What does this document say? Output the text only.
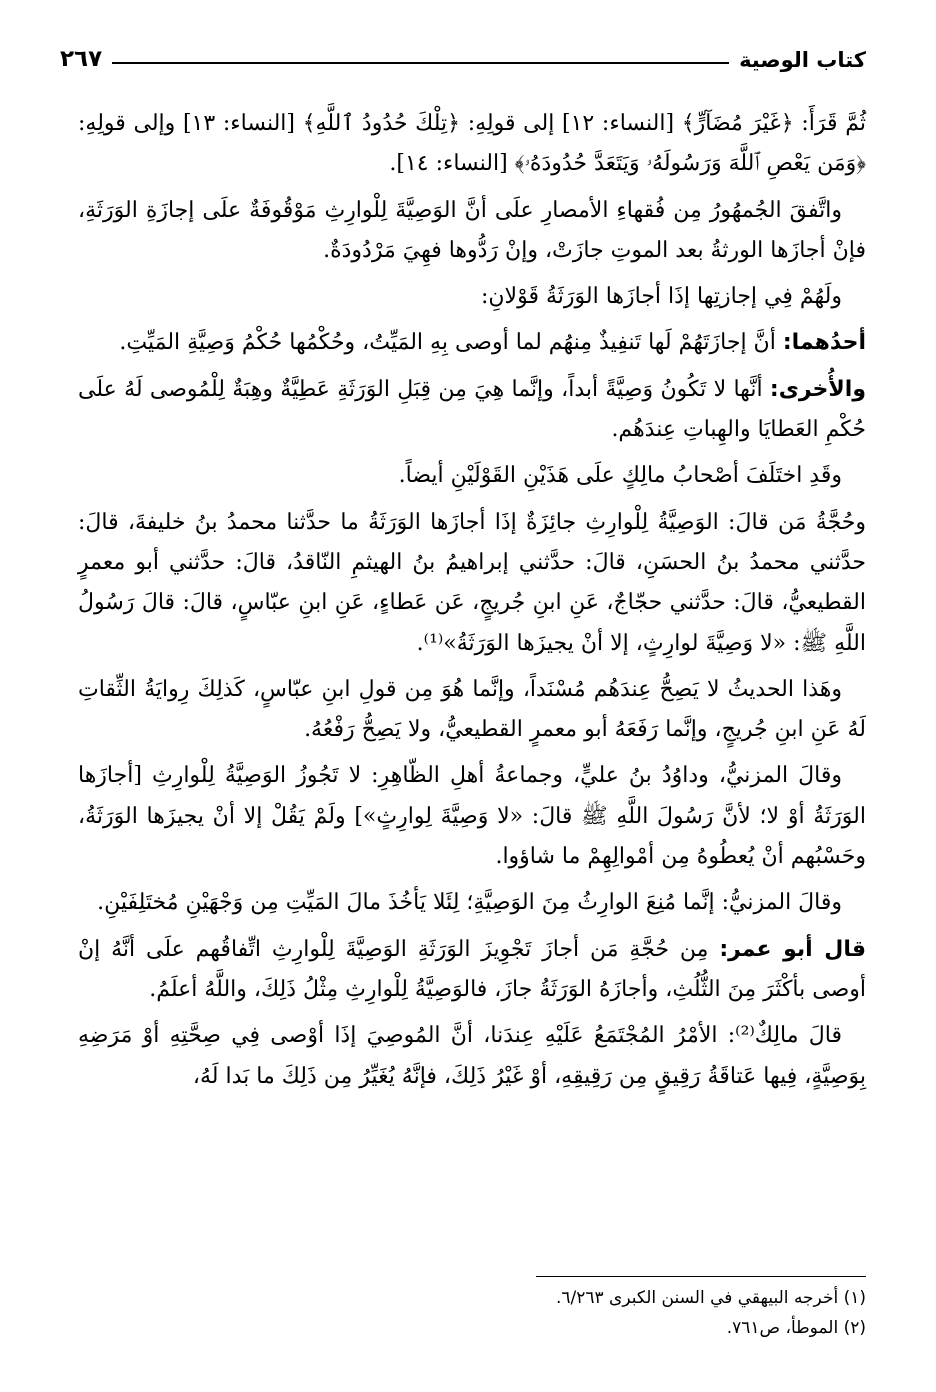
كتاب الوصية
٢٦٧

ثُمَّ قَرَأَ: ﴿غَيْرَ مُضَآرٍّ﴾ [النساء: ١٢] إلى قولِهِ: ﴿تِلْكَ حُدُودُ ٱللَّهِ﴾ [النساء: ١٣] وإلى قولِهِ: ﴿وَمَن يَعْصِ ٱللَّهَ وَرَسُولَهُۥ وَيَتَعَدَّ حُدُودَهُۥ﴾ [النساء: ١٤].

واتَّفقَ الجُمهُورُ مِن فُقهاءِ الأمصارِ علَى أنَّ الوَصِيَّةَ لِلْوارِثِ مَوْقُوفَةٌ علَى إجازَةِ الوَرَثَةِ، فإنْ أجازَها الورثةُ بعد الموتِ جازَتْ، وإنْ رَدُّوها فهِيَ مَرْدُودَةٌ.

ولَهُمْ فِي إجازتِها إذَا أجازَها الوَرَثَةُ قَوْلانِ:

أحدُهما: أنَّ إجازَتَهُمْ لَها تَنفِيذٌ مِنهُم لما أوصى بِهِ المَيِّتُ، وحُكْمُها حُكْمُ وَصِيَّةِ المَيِّتِ.

والأُخرى: أنَّها لا تَكُونُ وَصِيَّةً أبداً، وإنَّما هِيَ مِن قِبَلِ الوَرَثَةِ عَطِيَّةٌ وهِبَةٌ لِلْمُوصى لَهُ علَى حُكْمِ العَطايَا والهِباتِ عِندَهُم.

وقَدِ اختَلَفَ أصْحابُ مالِكٍ علَى هَذَيْنِ القَوْلَيْنِ أيضاً.

وحُجَّةُ مَن قالَ: الوَصِيَّةُ لِلْوارِثِ جائِزَةٌ إذَا أجازَها الوَرَثَةُ ما حدَّثنا محمدُ بنُ خليفةَ، قالَ: حدَّثني محمدُ بنُ الحسَنِ، قالَ: حدَّثني إبراهيمُ بنُ الهيثمِ النّاقدُ، قالَ: حدَّثني أبو معمرٍ القطيعيُّ، قالَ: حدَّثني حجّاجٌ، عَنِ ابنِ جُريجٍ، عَن عَطاءٍ، عَنِ ابنِ عبّاسٍ، قالَ: قالَ رَسُولُ اللَّهِ ﷺ: «لا وَصِيَّةَ لوارِثٍ، إلا أنْ يجيزَها الوَرَثَةُ»⁽¹⁾.

وهَذا الحديثُ لا يَصِحُّ عِندَهُم مُسْنَداً، وإنَّما هُوَ مِن قولِ ابنِ عبّاسٍ، كَذلِكَ رِوايَةُ الثِّقاتِ لَهُ عَنِ ابنِ جُريجٍ، وإنَّما رَفَعَهُ أبو معمرٍ القطيعيُّ، ولا يَصِحُّ رَفْعُهُ.

وقالَ المزنيُّ، وداوُدُ بنُ عليٍّ، وجماعةُ أهلِ الظّاهِرِ: لا تَجُوزُ الوَصِيَّةُ لِلْوارِثِ [أجازَها الوَرَثَةُ أوْ لا؛ لأنَّ رَسُولَ اللَّهِ ﷺ قالَ: «لا وَصِيَّةَ لِوارِثٍ»] ولَمْ يَقُلْ إلا أنْ يجيزَها الوَرَثَةُ، وحَسْبُهم أنْ يُعطُوهُ مِن أمْوالِهِمْ ما شاؤوا.

وقالَ المزنيُّ: إنَّما مُنِعَ الوارِثُ مِنَ الوَصِيَّةِ؛ لِئَلا يَأخُذَ مالَ المَيِّتِ مِن وَجْهَيْنِ مُختَلِفَيْنِ.

قال أبو عمر: مِن حُجَّةِ مَن أجازَ تَجْوِيزَ الوَرَثَةِ الوَصِيَّةَ لِلْوارِثِ اتِّفاقُهم علَى أنَّهُ إنْ أوصى بأكْثَرَ مِنَ الثُّلُثِ، وأجازَهُ الوَرَثَةُ جازَ، فالوَصِيَّةُ لِلْوارِثِ مِثْلُ ذَلِكَ، واللَّهُ أعلَمُ.

قالَ مالِكٌ⁽²⁾: الأمْرُ المُجْتَمَعُ عَلَيْهِ عِندَنا، أنَّ المُوصِيَ إذَا أوْصى فِي صِحَّتِهِ أوْ مَرَضِهِ بِوَصِيَّةٍ، فِيها عَتاقَةُ رَقِيقٍ مِن رَقِيقِهِ، أوْ غَيْرُ ذَلِكَ، فإنَّهُ يُغَيِّرُ مِن ذَلِكَ ما بَدا لَهُ،

(١) أخرجه البيهقي في السنن الكبرى ٦/٢٦٣.

(٢) الموطأ، ص٧٦١.
